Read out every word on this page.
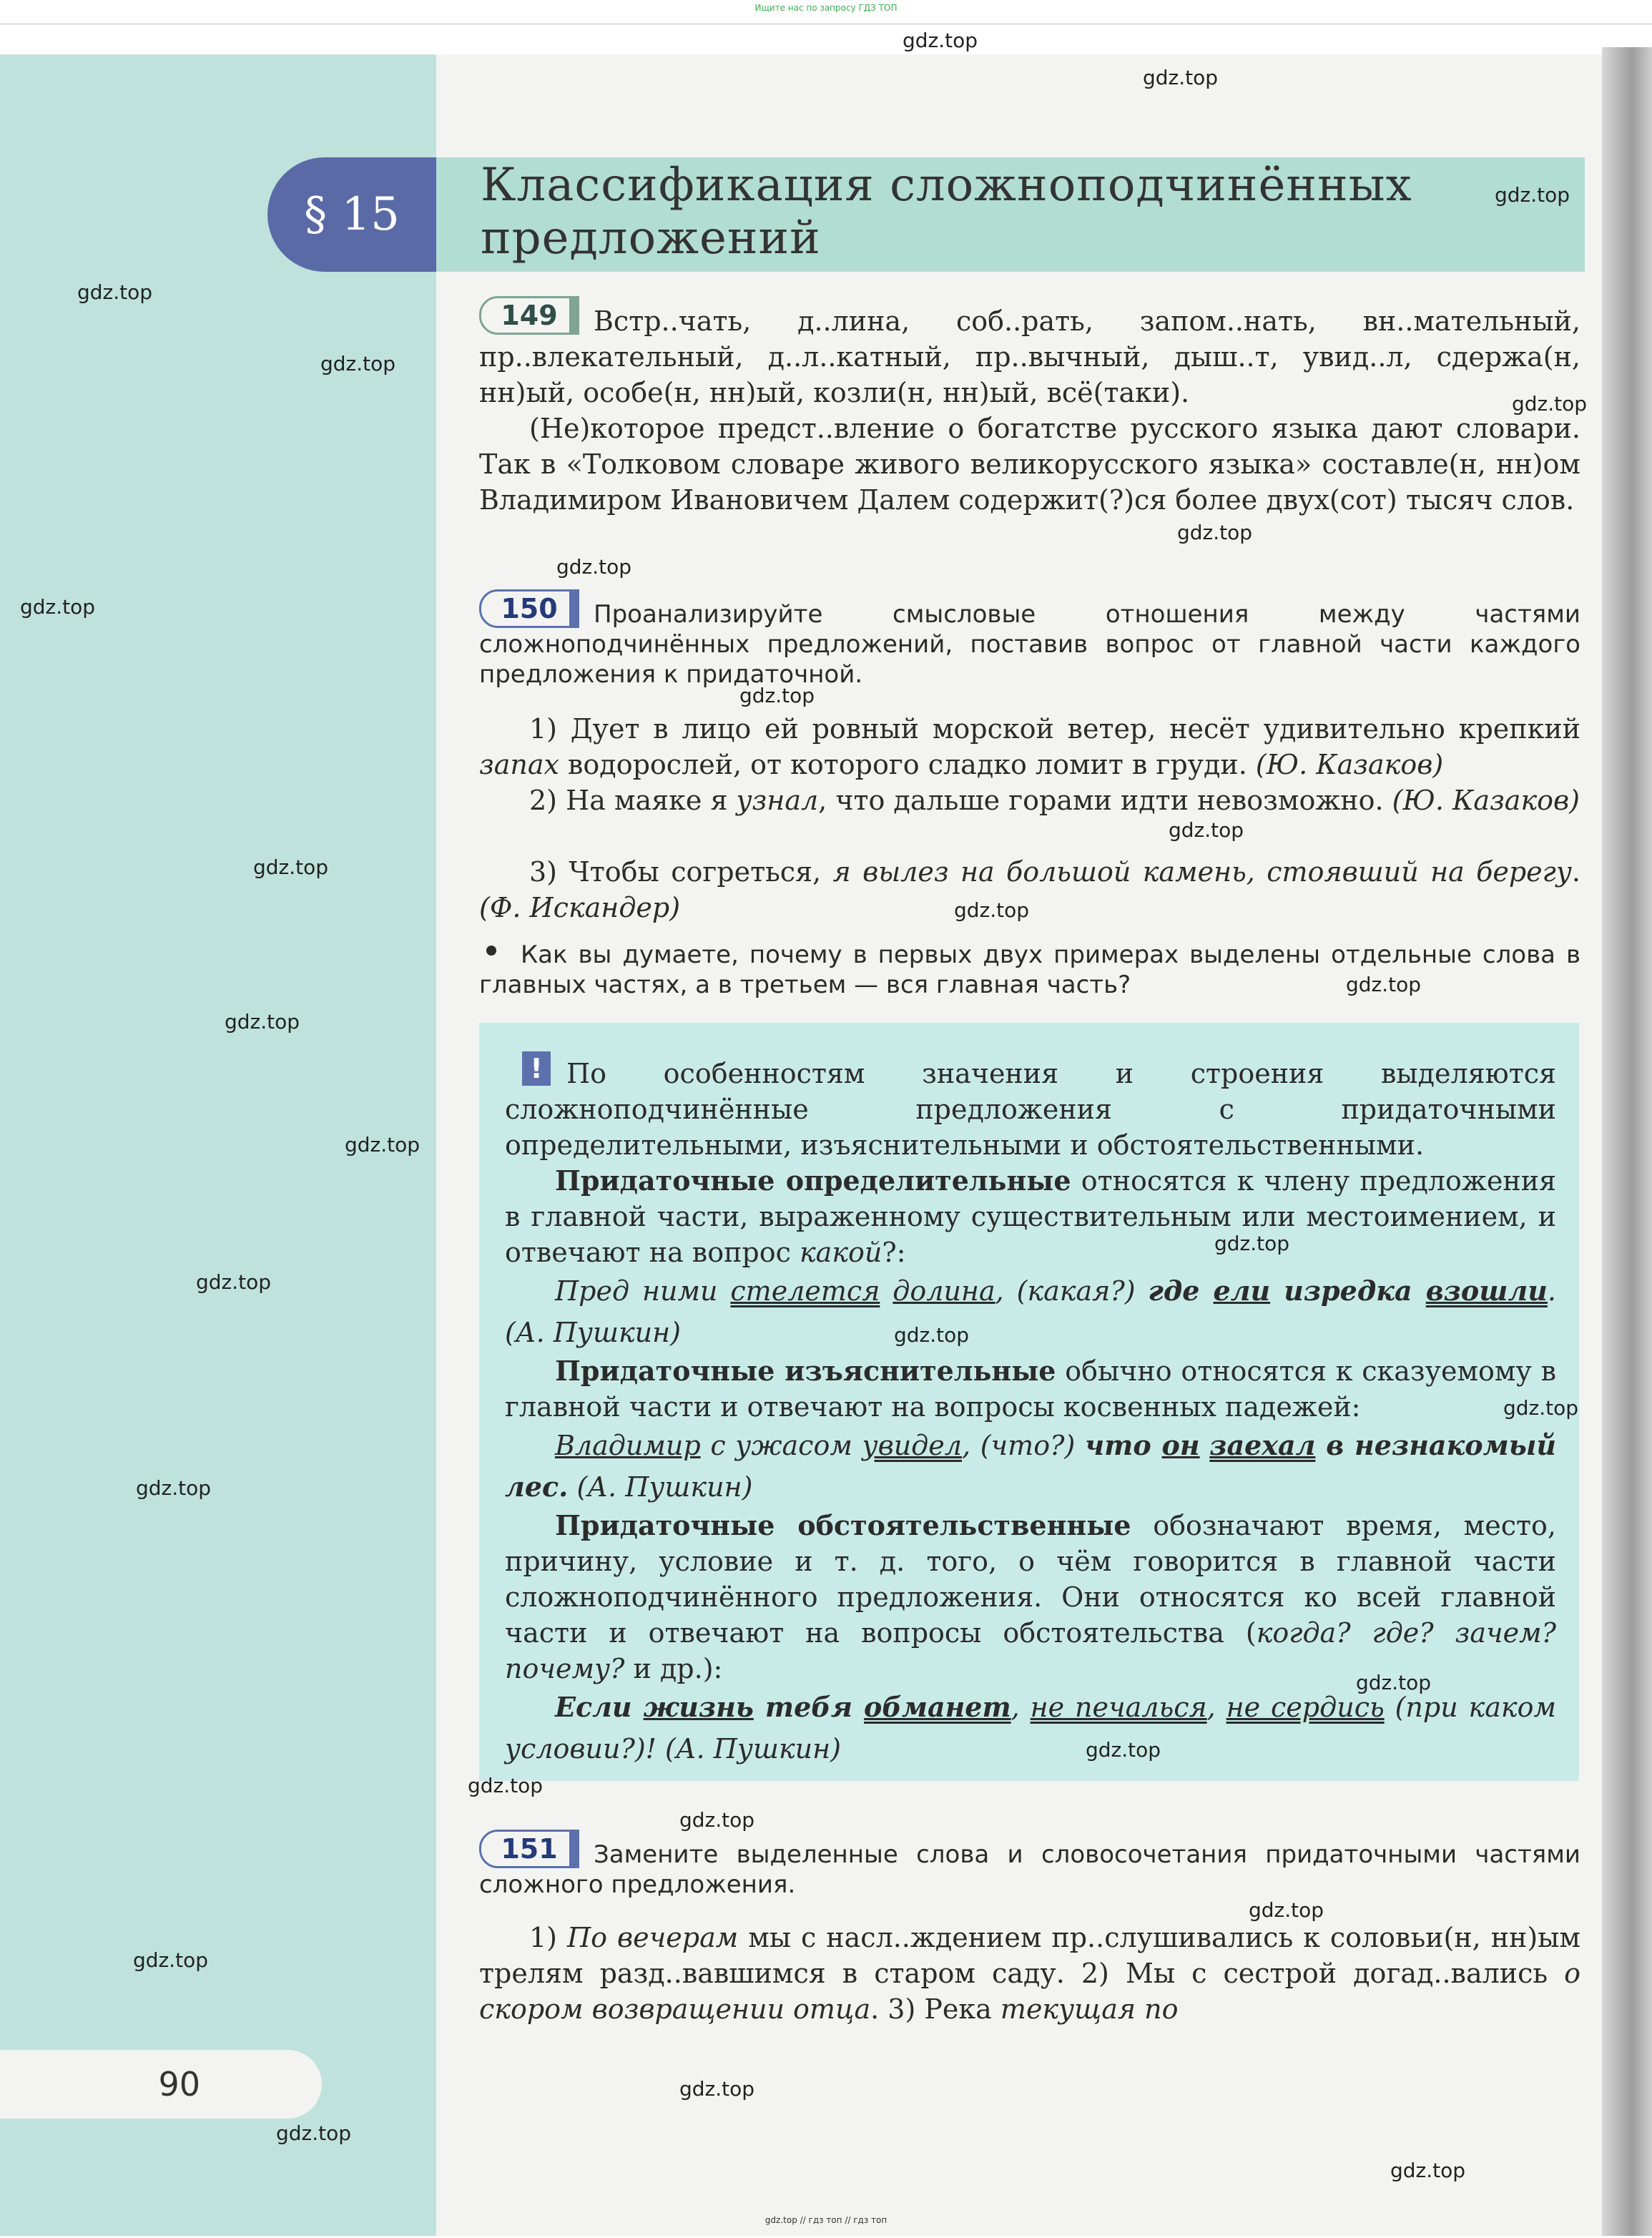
Ищите нас по запросу ГДЗ ТОП
§ 15
Классификация сложноподчинённых
предложений
149	Встр..чать, д..лина, соб..рать, запом..нать, вн..мательный, пр..влекательный, д..л..катный, пр..вычный, дыш..т, увид..л, сдержа(н, нн)ый, особе(н, нн)ый, козли(н, нн)ый, всё(таки).
(Не)которое предст..вление о богатстве русского языка дают словари. Так в «Толковом словаре живого великорусского языка» составле(н, нн)ом Владимиром Ивановичем Далем содержит(?)ся более двух(сот) тысяч слов.
150	Проанализируйте смысловые отношения между частями сложноподчинённых предложений, поставив вопрос от главной части каждого предложения к придаточной.
1) Дует в лицо ей ровный морской ветер, несёт удивительно крепкий запах водорослей, от которого сладко ломит в груди. (Ю. Казаков)
2) На маяке я узнал, что дальше горами идти невозможно. (Ю. Казаков)
3) Чтобы согреться, я вылез на большой камень, стоявший на берегу. (Ф. Искандер)
Как вы думаете, почему в первых двух примерах выделены отдельные слова в главных частях, а в третьем — вся главная часть?
! По особенностям значения и строения выделяются сложноподчинённые предложения с придаточными определительными, изъяснительными и обстоятельственными.
Придаточные определительные относятся к члену предложения в главной части, выраженному существительным или местоимением, и отвечают на вопрос какой?:
Пред ними стелется долина, (какая?) где ели изредка взошли. (А. Пушкин)
Придаточные изъяснительные обычно относятся к сказуемому в главной части и отвечают на вопросы косвенных падежей:
Владимир с ужасом увидел, (что?) что он заехал в незнакомый лес. (А. Пушкин)
Придаточные обстоятельственные обозначают время, место, причину, условие и т. д. того, о чём говорится в главной части сложноподчинённого предложения. Они относятся ко всей главной части и отвечают на вопросы обстоятельства (когда? где? зачем? почему? и др.):
Если жизнь тебя обманет, не печалься, не сердись (при каком условии?)! (А. Пушкин)
151	Замените выделенные слова и словосочетания придаточными частями сложного предложения.
1) По вечерам мы с насл..ждением пр..слушивались к соловьи(н, нн)ым трелям разд..вавшимся в старом саду. 2) Мы с сестрой догад..вались о скором возвращении отца. 3) Река текущая по
90
gdz.top
gdz.top
gdz.top
gdz.top
gdz.top
gdz.top
gdz.top
gdz.top
gdz.top
gdz.top
gdz.top
gdz.top
gdz.top
gdz.top
gdz.top
gdz.top
gdz.top
gdz.top
gdz.top
gdz.top
gdz.top
gdz.top
gdz.top
gdz.top
gdz.top
gdz.top
gdz.top
gdz.top
gdz.top
gdz.top
gdz.top // гдз топ // гдз топ
